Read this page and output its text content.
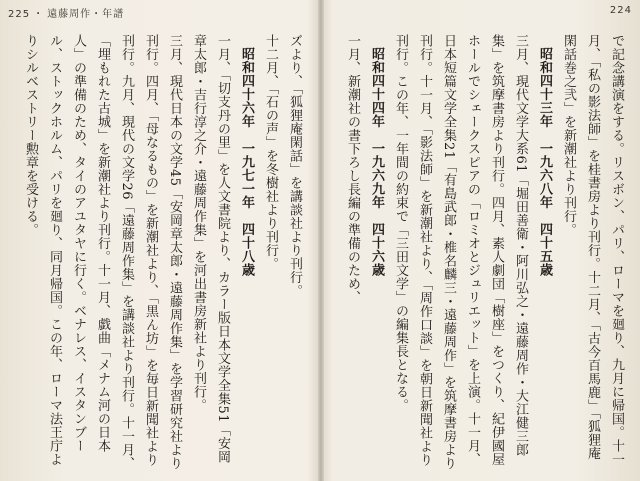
225 ・ 遠藤周作・年譜

ズより、「狐狸庵閑話」を講談社より刊行。

十二月、「石の声」を冬樹社より刊行。

昭和四十六年　一九七一年　四十八歳

一月、「切支丹の里」を人文書院より、カラー版日本文学全集51「安岡章太郎・吉行淳之介・遠藤周作集」を河出書房新社より刊行。

三月、現代日本の文学45「安岡章太郎・遠藤周作集」を学習研究社より刊行。四月、「母なるもの」を新潮社より、「黒ん坊」を毎日新聞社より刊行。九月、現代の文学26「遠藤周作集」を講談社より刊行。十一月、「埋もれた古城」を新潮社より刊行。十一月、戯曲「メナム河の日本人」の準備のため、タイのアユタヤに行く。ベナレス、イスタンブール、ストックホルム、パリを廻り、同月帰国。この年、ローマ法王庁よりシルベストリー勲章を受ける。

224

で記念講演をする。リスボン、パリ、ローマを廻り、九月に帰国。十一月、「私の影法師」を桂書房より刊行。十二月、「古今百馬鹿」「狐狸庵閑話巻之弐」を新潮社より刊行。

昭和四十三年　一九六八年　四十五歳

三月、現代文学大系61「堀田善衛・阿川弘之・遠藤周作・大江健三郎集」を筑摩書房より刊行。四月、素人劇団「樹座」をつくり、紀伊國屋ホールでシェークスピアの「ロミオとジュリエット」を上演。十一月、日本短篇文学全集21「有島武郎・椎名麟三・遠藤周作」を筑摩書房より刊行。十一月、「影法師」を新潮社より、「周作口談」を朝日新聞社より刊行。この年、一年間の約束で「三田文学」の編集長となる。

昭和四十四年　一九六九年　四十六歳

一月、新潮社の書下ろし長編の準備のため、
